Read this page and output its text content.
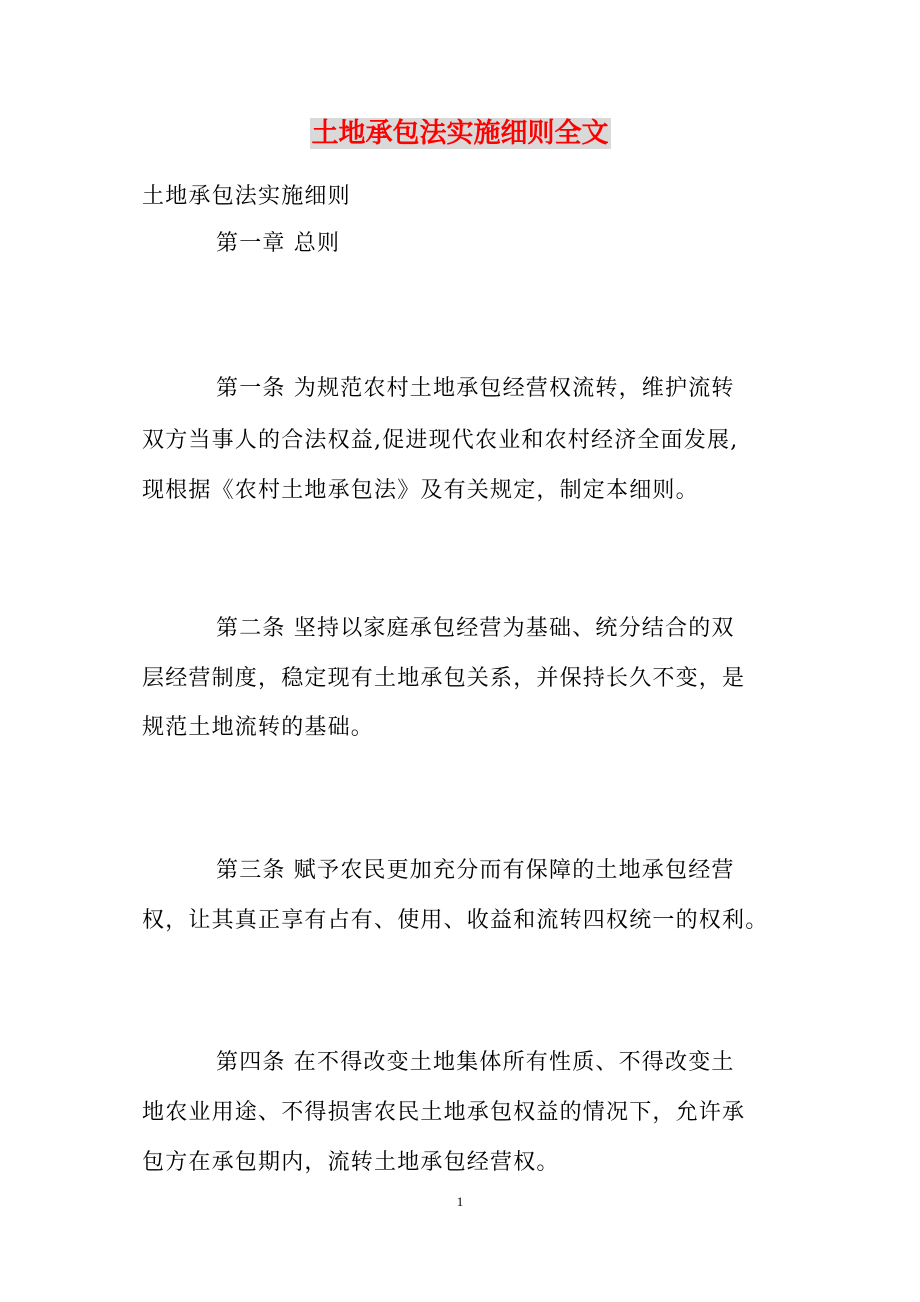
土地承包法实施细则全文
土地承包法实施细则
第一章 总则
第一条 为规范农村土地承包经营权流转，维护流转
双方当事人的合法权益,促进现代农业和农村经济全面发展,
现根据《农村土地承包法》及有关规定，制定本细则。
第二条 坚持以家庭承包经营为基础、统分结合的双
层经营制度，稳定现有土地承包关系，并保持长久不变，是
规范土地流转的基础。
第三条 赋予农民更加充分而有保障的土地承包经营
权，让其真正享有占有、使用、收益和流转四权统一的权利。
第四条 在不得改变土地集体所有性质、不得改变土
地农业用途、不得损害农民土地承包权益的情况下，允许承
包方在承包期内，流转土地承包经营权。
1
